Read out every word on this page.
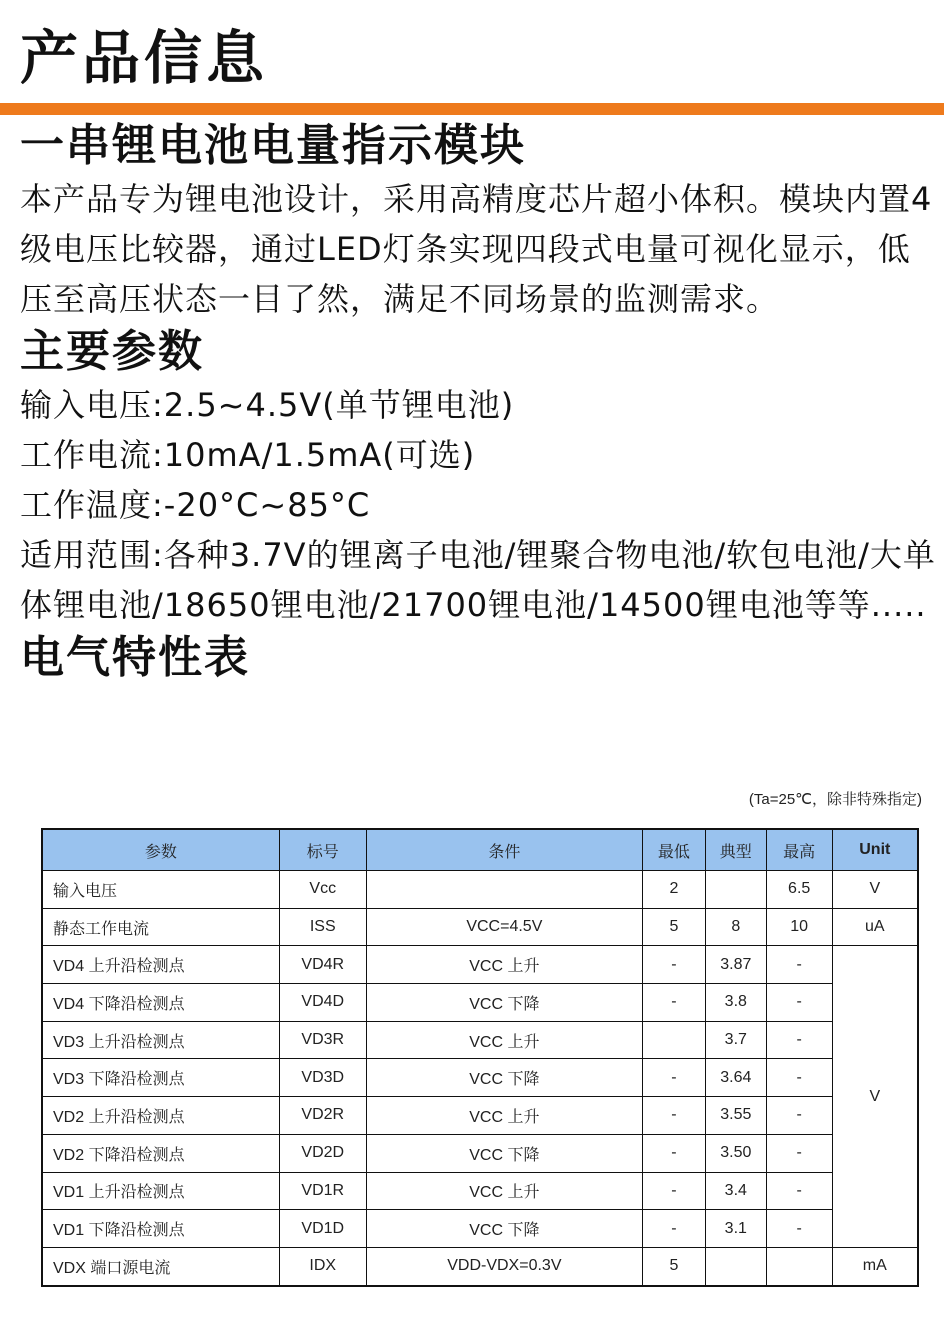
产品信息
一串锂电池电量指示模块

本产品专为锂电池设计，采用高精度芯片超小体积。模块内置4级电压比较器，通过LED灯条实现四段式电量可视化显示，低压至高压状态一目了然，满足不同场景的监测需求。

主要参数

输入电压:2.5~4.5V(单节锂电池)

工作电流:10mA/1.5mA(可选)

工作温度:-20°C~85°C

适用范围:各种3.7V的锂离子电池/锂聚合物电池/软包电池/大单体锂电池/18650锂电池/21700锂电池/14500锂电池等等.....

电气特性表
(Ta=25℃，除非特殊指定)
参数	标号	条件	最低	典型	最高	Unit
输入电压	Vcc		2		6.5	V
静态工作电流	ISS	VCC=4.5V	5	8	10	uA
VD4 上升沿检测点	VD4R	VCC 上升	-	3.87	-	V
VD4 下降沿检测点	VD4D	VCC 下降	-	3.8	-	
VD3 上升沿检测点	VD3R	VCC 上升		3.7	-	
VD3 下降沿检测点	VD3D	VCC 下降	-	3.64	-	
VD2 上升沿检测点	VD2R	VCC 上升	-	3.55	-	
VD2 下降沿检测点	VD2D	VCC 下降	-	3.50	-	
VD1 上升沿检测点	VD1R	VCC 上升	-	3.4	-	
VD1 下降沿检测点	VD1D	VCC 下降	-	3.1	-	
VDX 端口源电流	IDX	VDD-VDX=0.3V	5			mA
